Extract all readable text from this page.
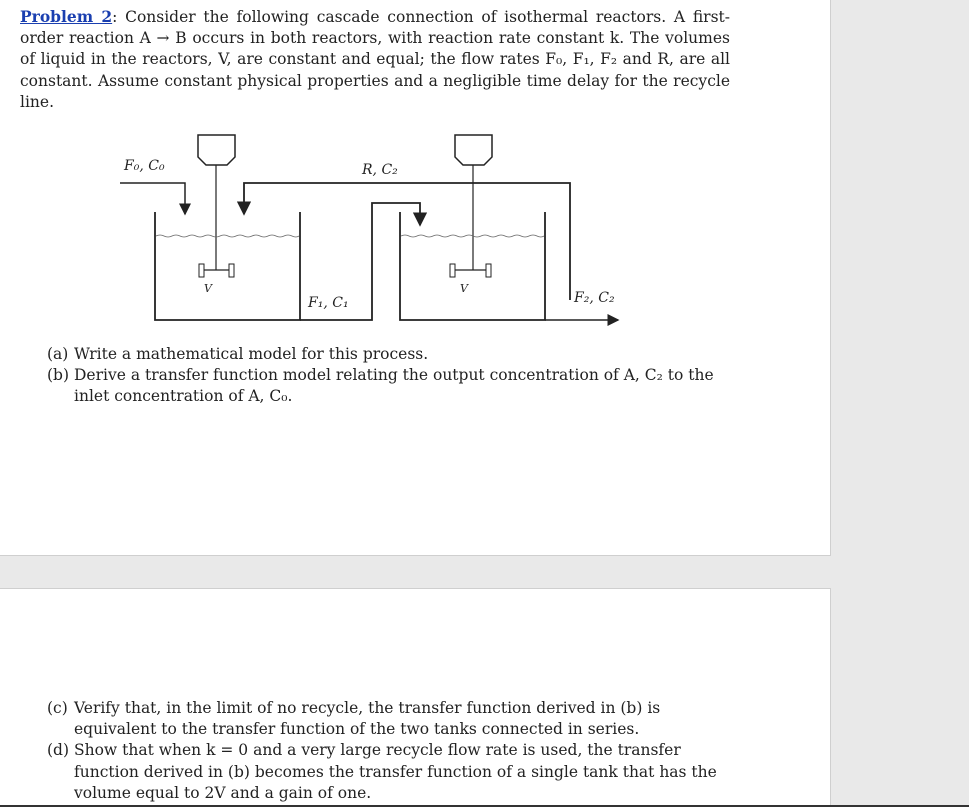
Problem 2: Consider the following cascade connection of isothermal reactors. A first-order reaction A → B occurs in both reactors, with reaction rate constant k. The volumes of liquid in the reactors, V, are constant and equal; the flow rates F₀, F₁, F₂ and R, are all constant. Assume constant physical properties and a negligible time delay for the recycle line.
F₀, C₀	R, C₂
F₁, C₁	F₂, C₂
V	V
(a) Write a mathematical model for this process.
(b) Derive a transfer function model relating the output concentration of A, C₂ to the inlet concentration of A, C₀.
(c) Verify that, in the limit of no recycle, the transfer function derived in (b) is equivalent to the transfer function of the two tanks connected in series.
(d) Show that when k = 0 and a very large recycle flow rate is used, the transfer function derived in (b) becomes the transfer function of a single tank that has the volume equal to 2V and a gain of one.
